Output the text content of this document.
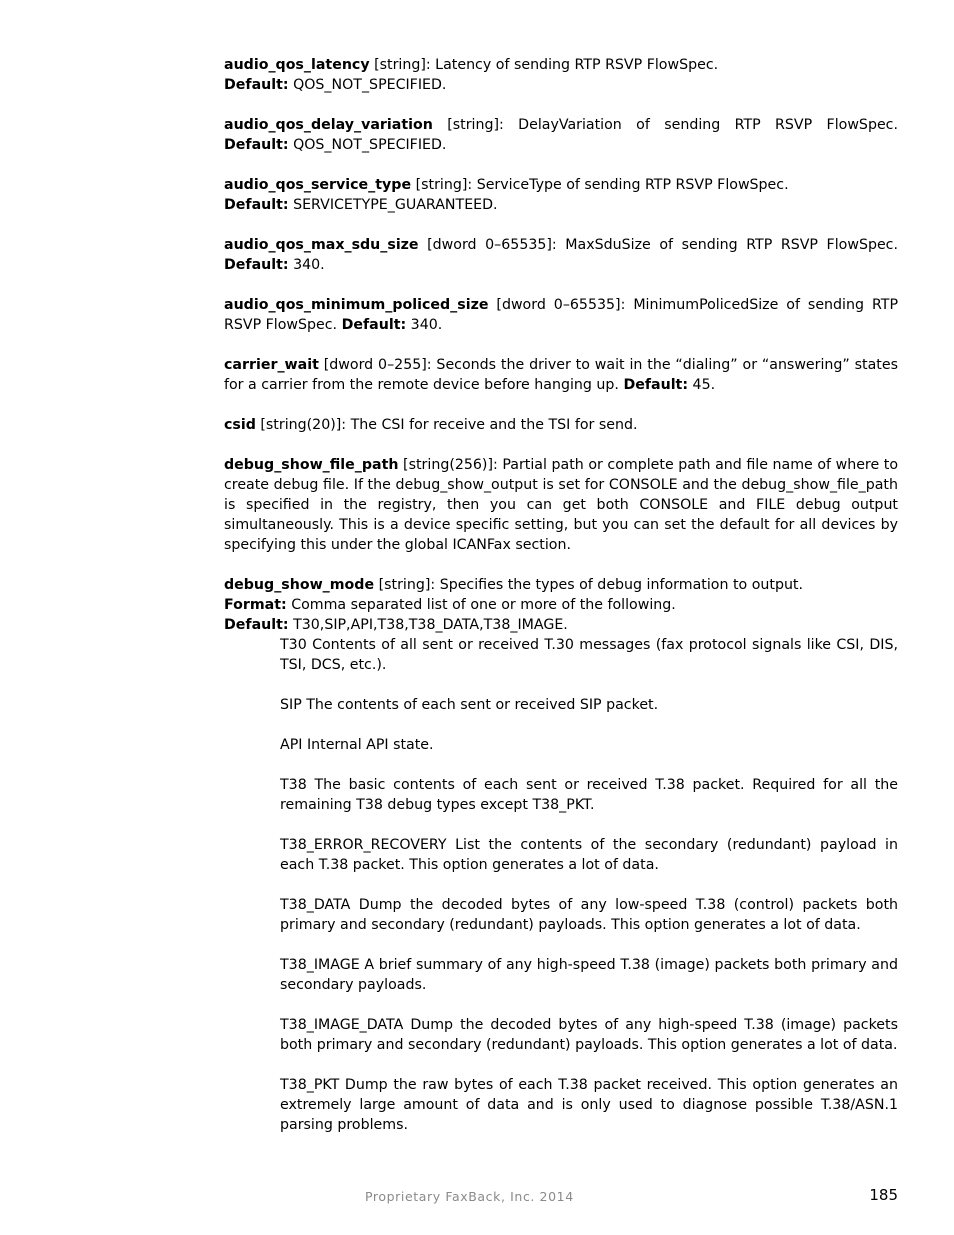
audio_qos_latency [string]: Latency of sending RTP RSVP FlowSpec.
Default: QOS_NOT_SPECIFIED.
audio_qos_delay_variation [string]: DelayVariation of sending RTP RSVP FlowSpec. Default: QOS_NOT_SPECIFIED.
audio_qos_service_type [string]: ServiceType of sending RTP RSVP FlowSpec.
Default: SERVICETYPE_GUARANTEED.
audio_qos_max_sdu_size [dword 0–65535]: MaxSduSize of sending RTP RSVP FlowSpec. Default: 340.
audio_qos_minimum_policed_size [dword 0–65535]: MinimumPolicedSize of sending RTP RSVP FlowSpec. Default: 340.
carrier_wait [dword 0–255]: Seconds the driver to wait in the “dialing” or “answering” states for a carrier from the remote device before hanging up. Default: 45.
csid [string(20)]: The CSI for receive and the TSI for send.
debug_show_file_path [string(256)]: Partial path or complete path and file name of where to create debug file. If the debug_show_output is set for CONSOLE and the debug_show_file_path is specified in the registry, then you can get both CONSOLE and FILE debug output simultaneously. This is a device specific setting, but you can set the default for all devices by specifying this under the global ICANFax section.
debug_show_mode [string]: Specifies the types of debug information to output.
Format: Comma separated list of one or more of the following.
Default: T30,SIP,API,T38,T38_DATA,T38_IMAGE.
T30 Contents of all sent or received T.30 messages (fax protocol signals like CSI, DIS, TSI, DCS, etc.).
SIP The contents of each sent or received SIP packet.
API Internal API state.
T38 The basic contents of each sent or received T.38 packet. Required for all the remaining T38 debug types except T38_PKT.
T38_ERROR_RECOVERY List the contents of the secondary (redundant) payload in each T.38 packet. This option generates a lot of data.
T38_DATA Dump the decoded bytes of any low-speed T.38 (control) packets both primary and secondary (redundant) payloads. This option generates a lot of data.
T38_IMAGE A brief summary of any high-speed T.38 (image) packets both primary and secondary payloads.
T38_IMAGE_DATA Dump the decoded bytes of any high-speed T.38 (image) packets both primary and secondary (redundant) payloads. This option generates a lot of data.
T38_PKT Dump the raw bytes of each T.38 packet received. This option generates an extremely large amount of data and is only used to diagnose possible T.38/ASN.1 parsing problems.
Proprietary FaxBack, Inc. 2014	185
